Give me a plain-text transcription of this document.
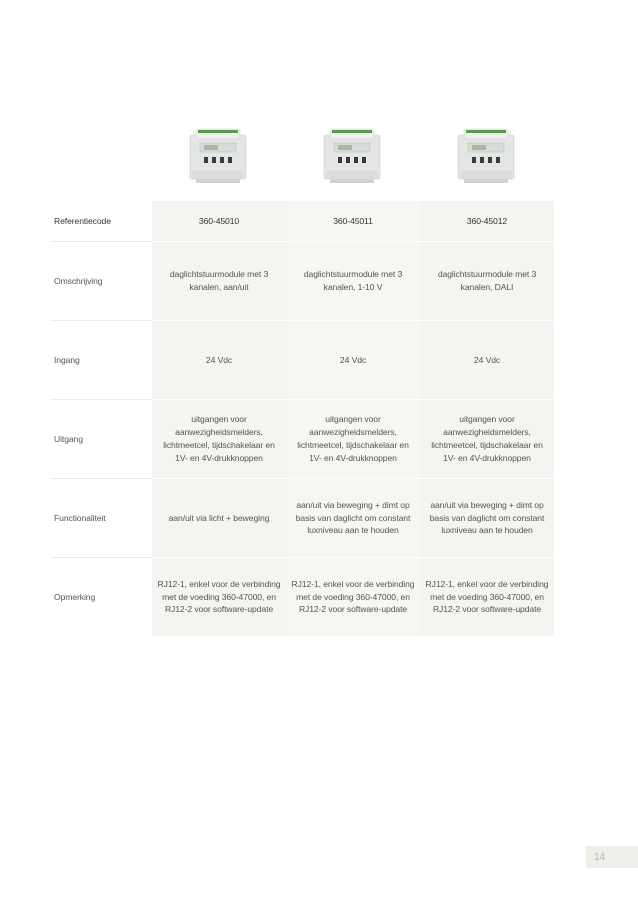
Referentiecode	360-45010	360-45011	360-45012
Omschrijving	daglichtstuurmodule met 3 kanalen, aan/uit	daglichtstuurmodule met 3 kanalen, 1-10 V	daglichtstuurmodule met 3 kanalen, DALI
Ingang	24 Vdc	24 Vdc	24 Vdc
Uitgang	uitgangen voor aanwezigheidsmelders, lichtmeetcel, tijdschakelaar en 1V- en 4V-drukknoppen	uitgangen voor aanwezigheidsmelders, lichtmeetcel, tijdschakelaar en 1V- en 4V-drukknoppen	uitgangen voor aanwezigheidsmelders, lichtmeetcel, tijdschakelaar en 1V- en 4V-drukknoppen
Functionaliteit	aan/uit via licht + beweging	aan/uit via beweging + dimt op basis van daglicht om constant luxniveau aan te houden	aan/uit via beweging + dimt op basis van daglicht om constant luxniveau aan te houden
Opmerking	RJ12-1, enkel voor de verbinding met de voeding 360-47000, en RJ12-2 voor software-update	RJ12-1, enkel voor de verbinding met de voeding 360-47000, en RJ12-2 voor software-update	RJ12-1, enkel voor de verbinding met de voeding 360-47000, en RJ12-2 voor software-update
14
